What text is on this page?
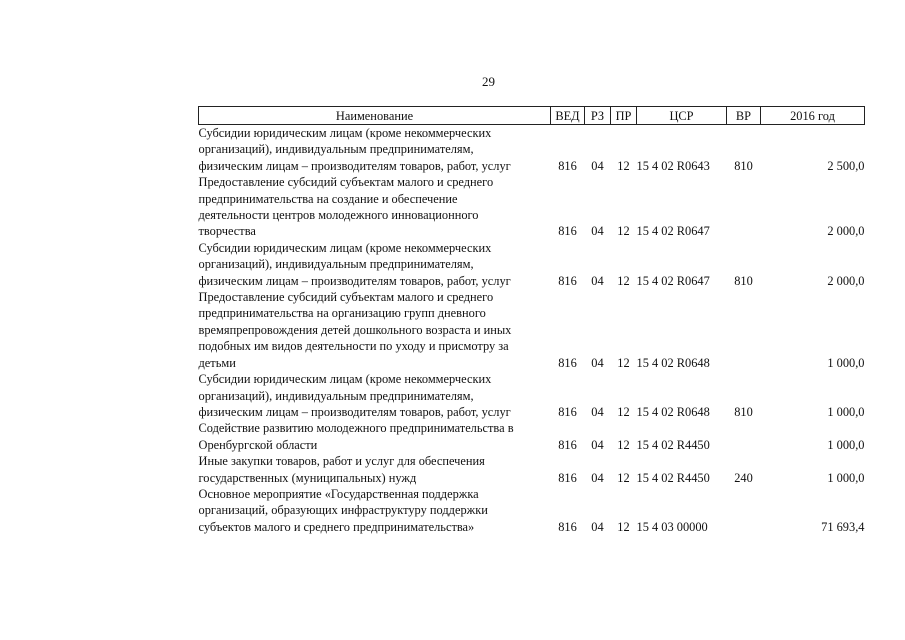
29
Наименование	ВЕД	РЗ	ПР	ЦСР	ВР	2016 год

Субсидии юридическим лицам (кроме некоммерческих
организаций), индивидуальным предпринимателям,
физическим лицам – производителям товаров, работ, услуг	816	04	12	15 4 02 R0643	810	2 500,0

Предоставление субсидий субъектам малого и среднего
предпринимательства на создание и обеспечение
деятельности центров молодежного инновационного
творчества	816	04	12	15 4 02 R0647		2 000,0

Субсидии юридическим лицам (кроме некоммерческих
организаций), индивидуальным предпринимателям,
физическим лицам – производителям товаров, работ, услуг	816	04	12	15 4 02 R0647	810	2 000,0

Предоставление субсидий субъектам малого и среднего
предпринимательства на организацию групп дневного
времяпрепровождения детей дошкольного возраста и иных
подобных им видов деятельности по уходу и присмотру за
детьми	816	04	12	15 4 02 R0648		1 000,0

Субсидии юридическим лицам (кроме некоммерческих
организаций), индивидуальным предпринимателям,
физическим лицам – производителям товаров, работ, услуг	816	04	12	15 4 02 R0648	810	1 000,0

Содействие развитию молодежного предпринимательства в
Оренбургской области	816	04	12	15 4 02 R4450		1 000,0

Иные закупки товаров, работ и услуг для обеспечения
государственных (муниципальных) нужд	816	04	12	15 4 02 R4450	240	1 000,0

Основное мероприятие «Государственная поддержка
организаций, образующих инфраструктуру поддержки
субъектов малого и среднего предпринимательства»	816	04	12	15 4 03 00000		71 693,4
